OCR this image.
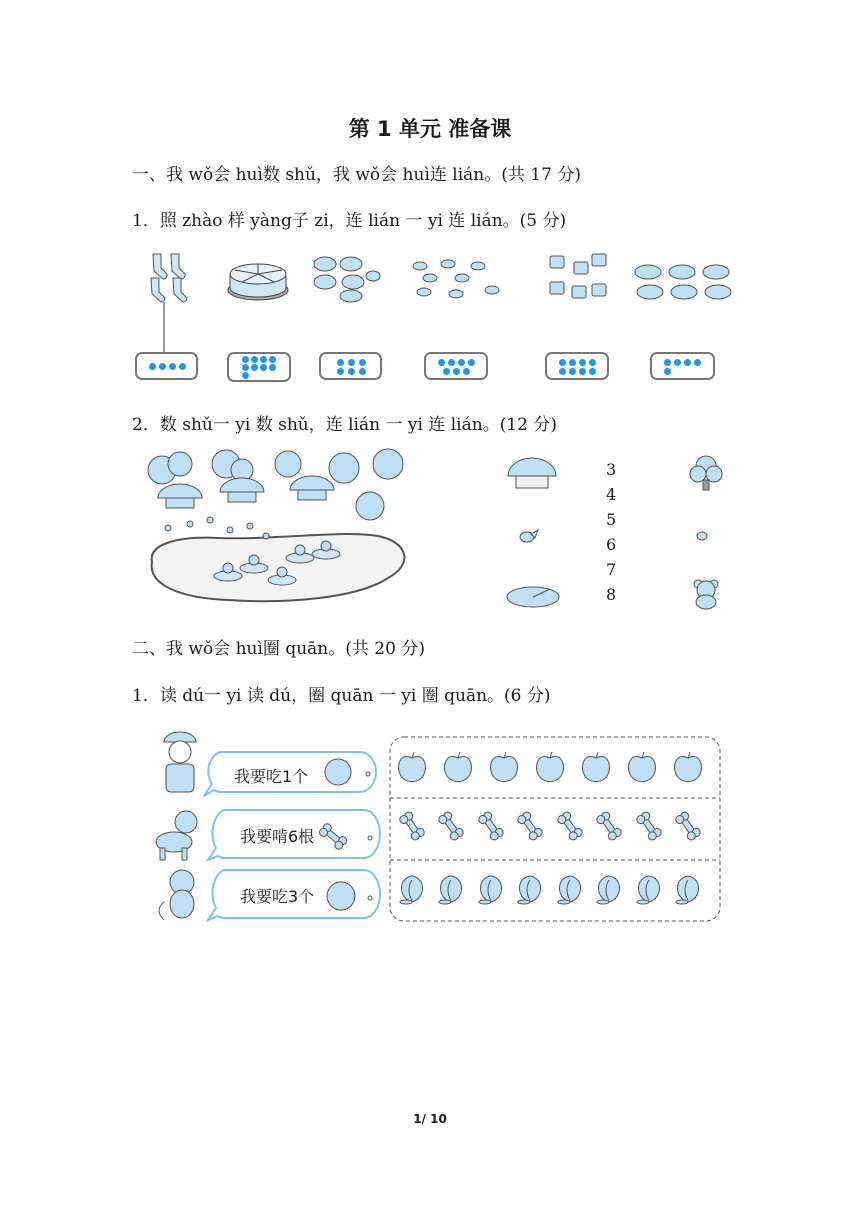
第 1 单元 准备课
一、我 wǒ会 huì数 shǔ，我 wǒ会 huì连 lián。(共 17 分)
1．照 zhào 样 yàng子 zi，连 lián 一 yi 连 lián。(5 分)
2．数 shǔ一 yi 数 shǔ，连 lián 一 yi 连 lián。(12 分)
3
4
5
6
7
8
二、我 wǒ会 huì圈 quān。(共 20 分)
1．读 dú一 yi 读 dú，圈 quān 一 yi 圈 quān。(6 分)
我要吃1个
我要啃6根
我要吃3个
1/ 10
